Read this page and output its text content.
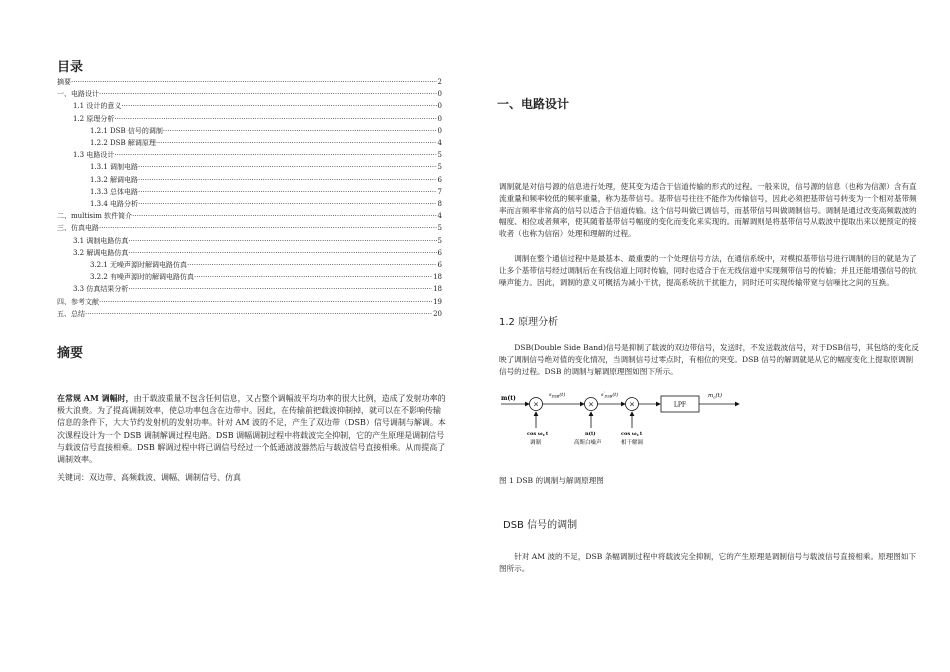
目录
摘要 ·····	2
一、电路设计 ·····	0
1.1 设计的意义 ·····	0
1.2 原理分析 ·····	0
1.2.1 DSB 信号的调制 ·····	0
1.2.2 DSB 解调原理 ·····	4
1.3 电路设计 ·····	5
1.3.1 调制电路 ·····	5
1.3.2 解调电路 ·····	6
1.3.3 总体电路 ·····	7
1.3.4 电路分析 ·····	8
二、multisim 软件简介 ·····	4
三、仿真电路 ·····	5
3.1 调制电路仿真 ·····	5
3.2 解调电路仿真 ·····	6
3.2.1 无噪声源时解调电路仿真 ·····	6
3.2.2 有噪声源时的解调电路仿真 ·····	18
3.3 仿真结果分析 ·····	18
四、参考文献 ·····	19
五、总结 ·····	20
摘要
在常规 AM 调幅时，由于载波重量不包含任何信息，又占整个调幅波平均功率的很大比例，造成了发射功率的极大浪费。为了提高调制效率，使总功率包含在边带中。因此，在传输前把载波抑制掉，就可以在不影响传输信息的条件下，大大节约发射机的发射功率。针对 AM 波的不足，产生了双边带（DSB）信号调制与解调。本次课程设计为一个 DSB 调制解调过程电路。DSB 调幅调制过程中将载波完全抑制，它的产生原理是调制信号与载波信号直接相乘。DSB 解调过程中将已调信号经过一个低通滤波器然后与载波信号直接相乘。从而提高了调制效率。
关键词：双边带、高频载波、调幅、调制信号、仿真
一、电路设计
调制就是对信号源的信息进行处理，使其变为适合于信道传输的形式的过程。一般来说，信号源的信息（也称为信源）含有直流重量和频率较低的频率重量，称为基带信号。基带信号往往不能作为传输信号，因此必须把基带信号转变为一个相对基带频率而言频率非常高的信号以适合于信道传输。这个信号叫做已调信号，而基带信号叫做调制信号。调制是通过改变高频载波的幅度、相位或者频率，使其随着基带信号幅度的变化而变化来实现的。而解调则是将基带信号从载波中提取出来以便预定的接收者（也称为信宿）处理和理解的过程。
调制在整个通信过程中是最基本、最重要的一个处理信号方法，在通信系统中，对模拟基带信号进行调制的目的就是为了让多个基带信号经过调制后在有线信道上同时传输，同时也适合于在无线信道中实现频带信号的传输；并且还能增强信号的抗噪声能力。因此，调制的意义可概括为减小干扰，提高系统抗干扰能力，同时还可实现传输带宽与信噪比之间的互换。
1.2 原理分析
DSB(Double Side Band)信号是抑制了载波的双边带信号，发送时，不发送载波信号，对于DSB信号，其包络的变化反映了调制信号绝对值的变化情况，当调制信号过零点时，有相位的突变。DSB 信号的解调就是从它的幅度变化上提取原调制信号的过程。DSB 的调制与解调原理图如图下所示。
m(t)
×
$\cos \omega_ct$
调制
$s_{DSB}(t)$
×
n(t)
高斯白噪声
$s'_{DSB}(t)$
×
$\cos \omega_ct$
相干解调
LPF
$m_o(t)$
图 1 DSB 的调制与解调原理图
DSB 信号的调制
针对 AM 波的不足，DSB 条幅调制过程中将载波完全抑制，它的产生原理是调制信号与载波信号直接相乘。原理图如下图所示。
